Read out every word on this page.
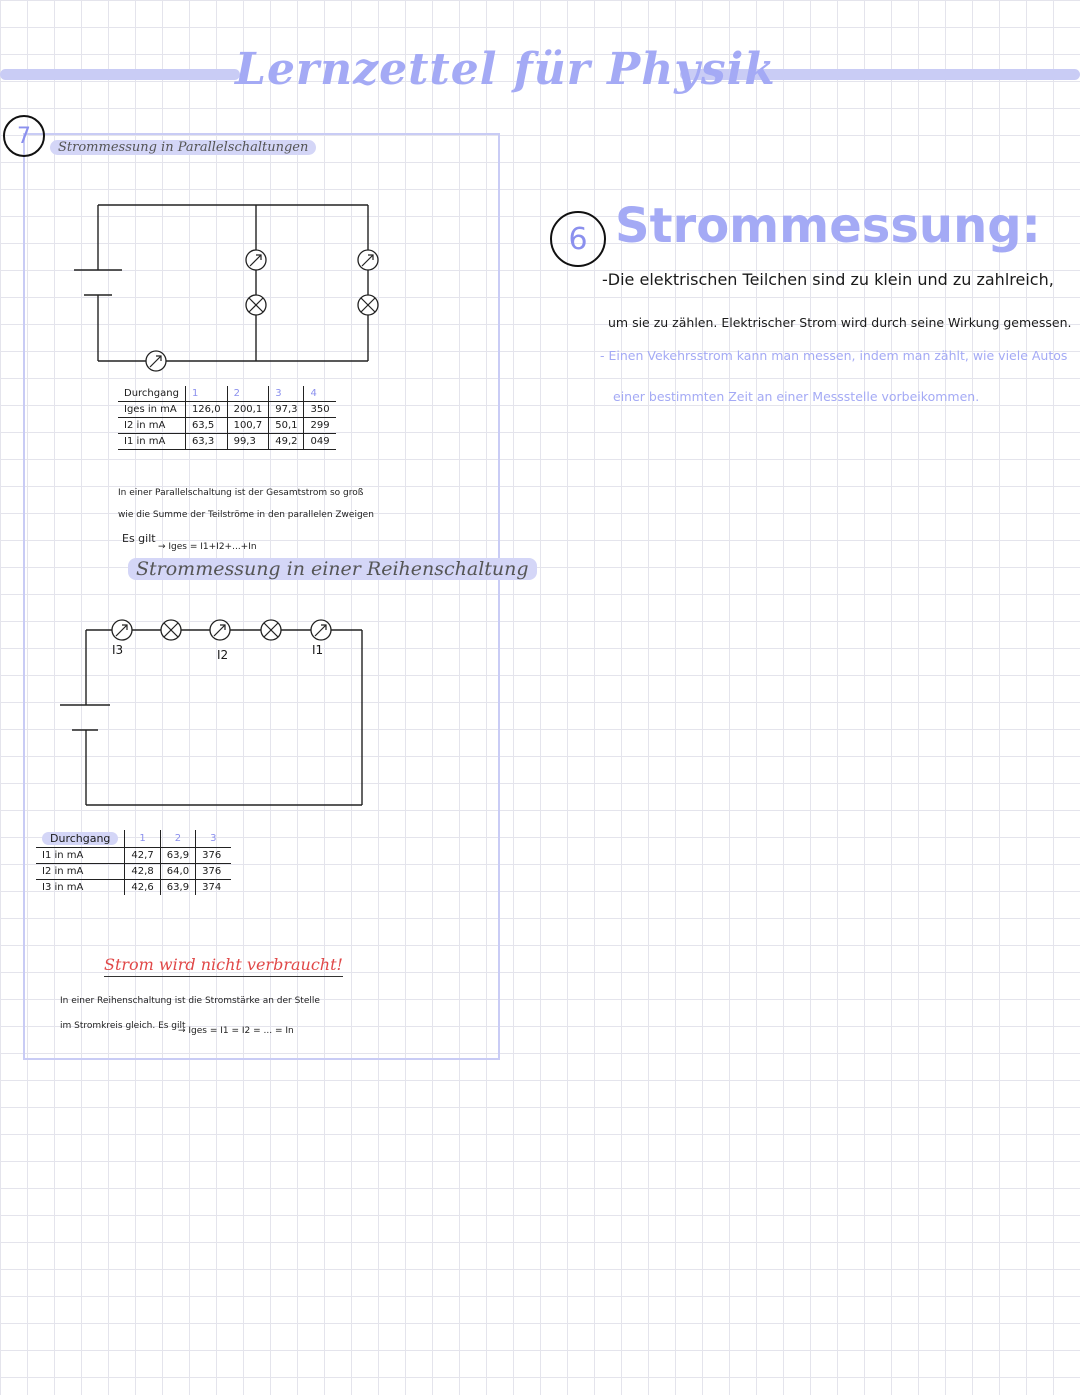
Lernzettel für Physik
7	Strommessung in Parallelschaltungen
Durchgang	1	2	3	4
Iges in mA	126,0	200,1	97,3	350
I2 in mA	63,5	100,7	50,1	299
I1 in mA	63,3	99,3	49,2	049
In einer Parallelschaltung ist der Gesamtstrom so groß
wie die Summe der Teilströme in den parallelen Zweigen
Es gilt
→ Iges = I1+I2+...+In
Strommessung in einer Reihenschaltung
I3	I2	I1
Durchgang	1	2	3
I1 in mA	42,7	63,9	376
I2 in mA	42,8	64,0	376
I3 in mA	42,6	63,9	374
Strom wird nicht verbraucht!
In einer Reihenschaltung ist die Stromstärke an der Stelle
im Stromkreis gleich. Es gilt
→ Iges = I1 = I2 = ... = In
6 Strommessung:
-Die elektrischen Teilchen sind zu klein und zu zahlreich,
um sie zu zählen. Elektrischer Strom wird durch seine Wirkung gemessen.
- Einen Vekehrsstrom kann man messen, indem man zählt, wie viele Autos
einer bestimmten Zeit an einer Messstelle vorbeikommen.
